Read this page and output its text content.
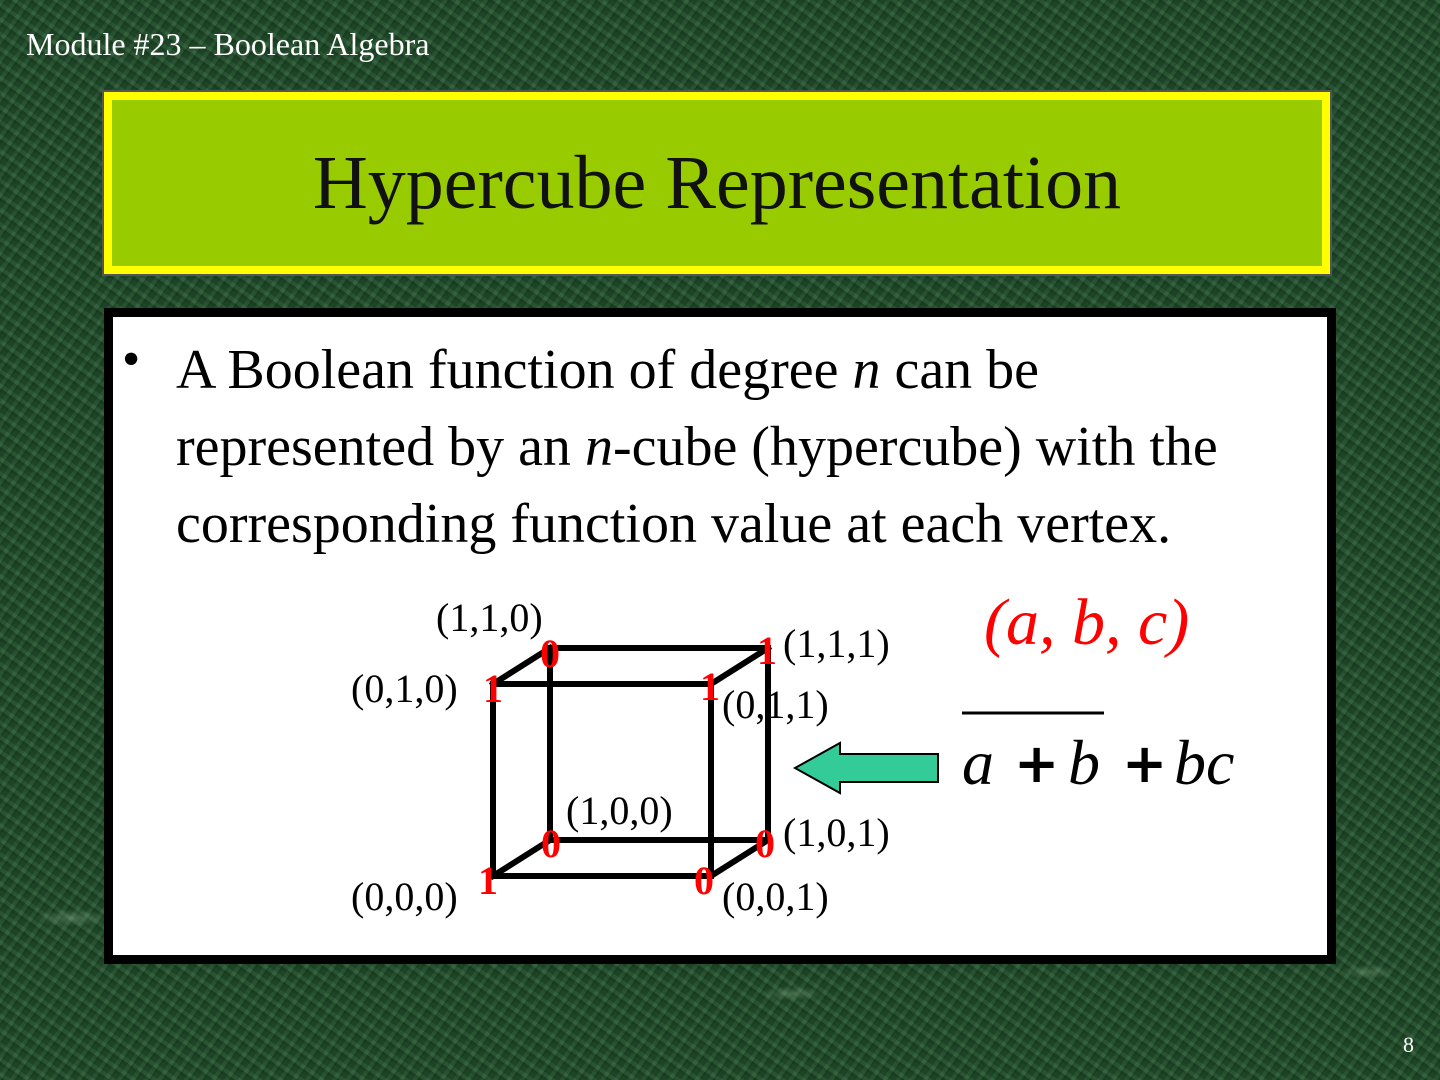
Module #23 – Boolean Algebra
Hypercube Representation
• A Boolean function of degree n can be represented by an n-cube (hypercube) with the corresponding function value at each vertex.
(0,0,0)	(0,0,1)
(0,1,0)	(0,1,1)
(1,0,0)	(1,0,1)
(1,1,0)
(1,1,1)
1	0
1	1
0	0
0	1	(a, b, c)
a b bc
+ +
8
